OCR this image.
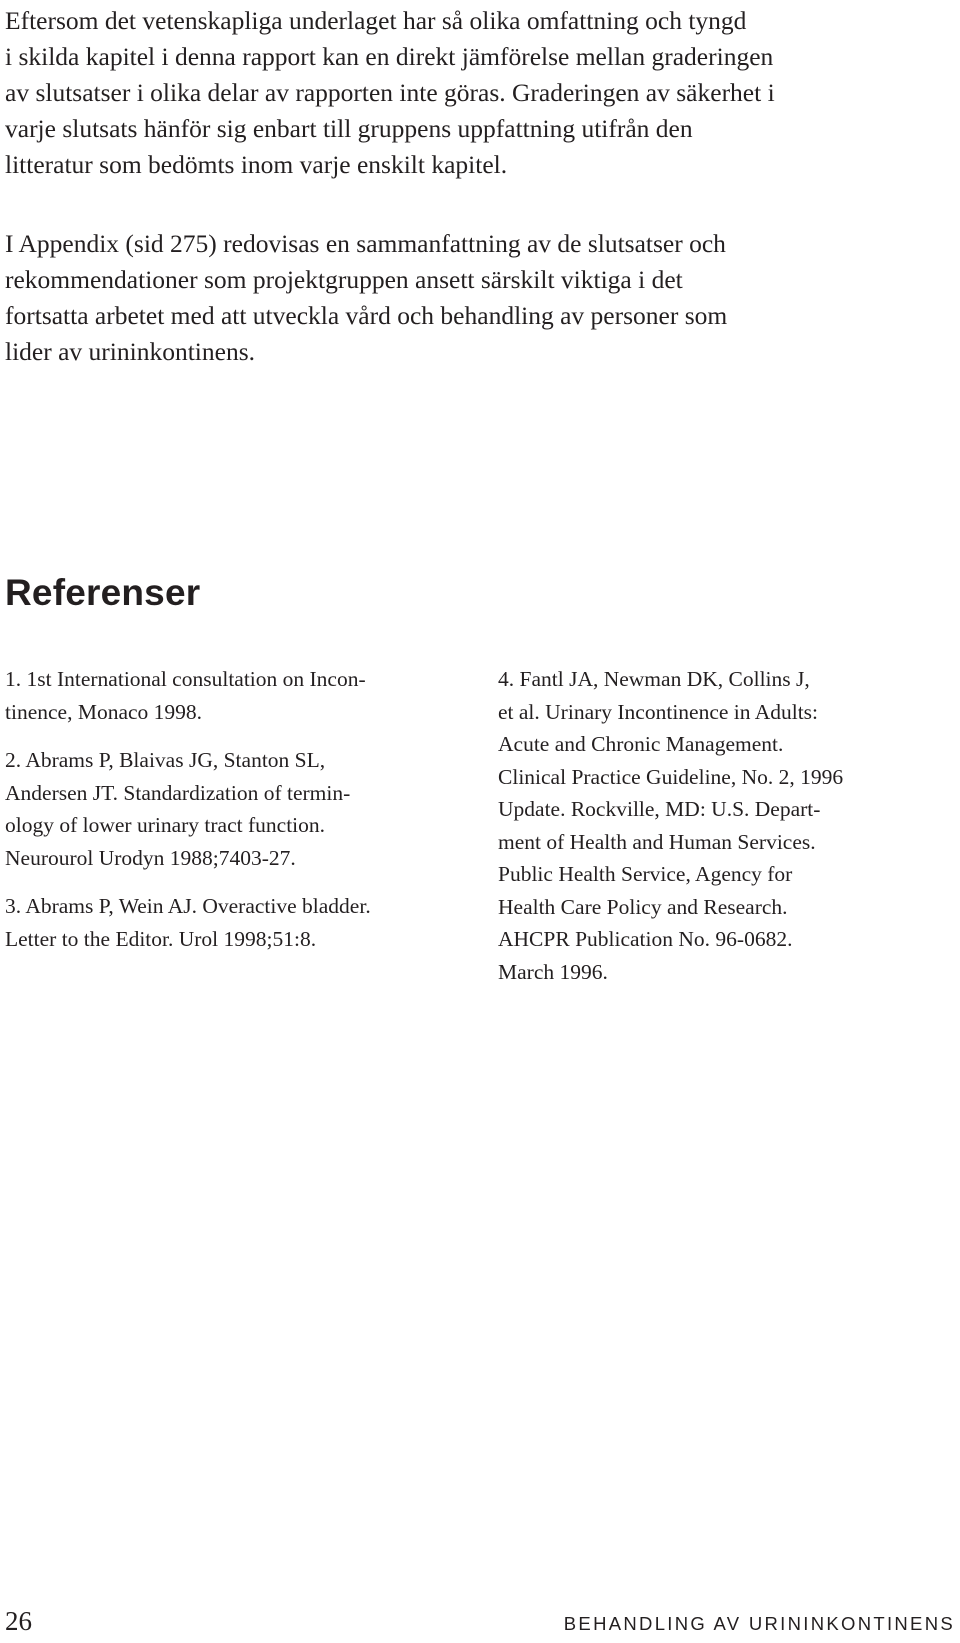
Eftersom det vetenskapliga underlaget har så olika omfattning och tyngd
i skilda kapitel i denna rapport kan en direkt jämförelse mellan graderingen
av slutsatser i olika delar av rapporten inte göras. Graderingen av säkerhet i
varje slutsats hänför sig enbart till gruppens uppfattning utifrån den
litteratur som bedömts inom varje enskilt kapitel.

I Appendix (sid 275) redovisas en sammanfattning av de slutsatser och
rekommendationer som projektgruppen ansett särskilt viktiga i det
fortsatta arbetet med att utveckla vård och behandling av personer som
lider av urininkontinens.

Referenser

1. 1st International consultation on Incon-
tinence, Monaco 1998.

2. Abrams P, Blaivas JG, Stanton SL,
Andersen JT. Standardization of termin-
ology of lower urinary tract function.
Neurourol Urodyn 1988;7403-27.

3. Abrams P, Wein AJ. Overactive bladder.
Letter to the Editor. Urol 1998;51:8.

4. Fantl JA, Newman DK, Collins J,
et al. Urinary Incontinence in Adults:
Acute and Chronic Management.
Clinical Practice Guideline, No. 2, 1996
Update. Rockville, MD: U.S. Depart-
ment of Health and Human Services.
Public Health Service, Agency for
Health Care Policy and Research.
AHCPR Publication No. 96-0682.
March 1996.

26	BEHANDLING AV URININKONTINENS
